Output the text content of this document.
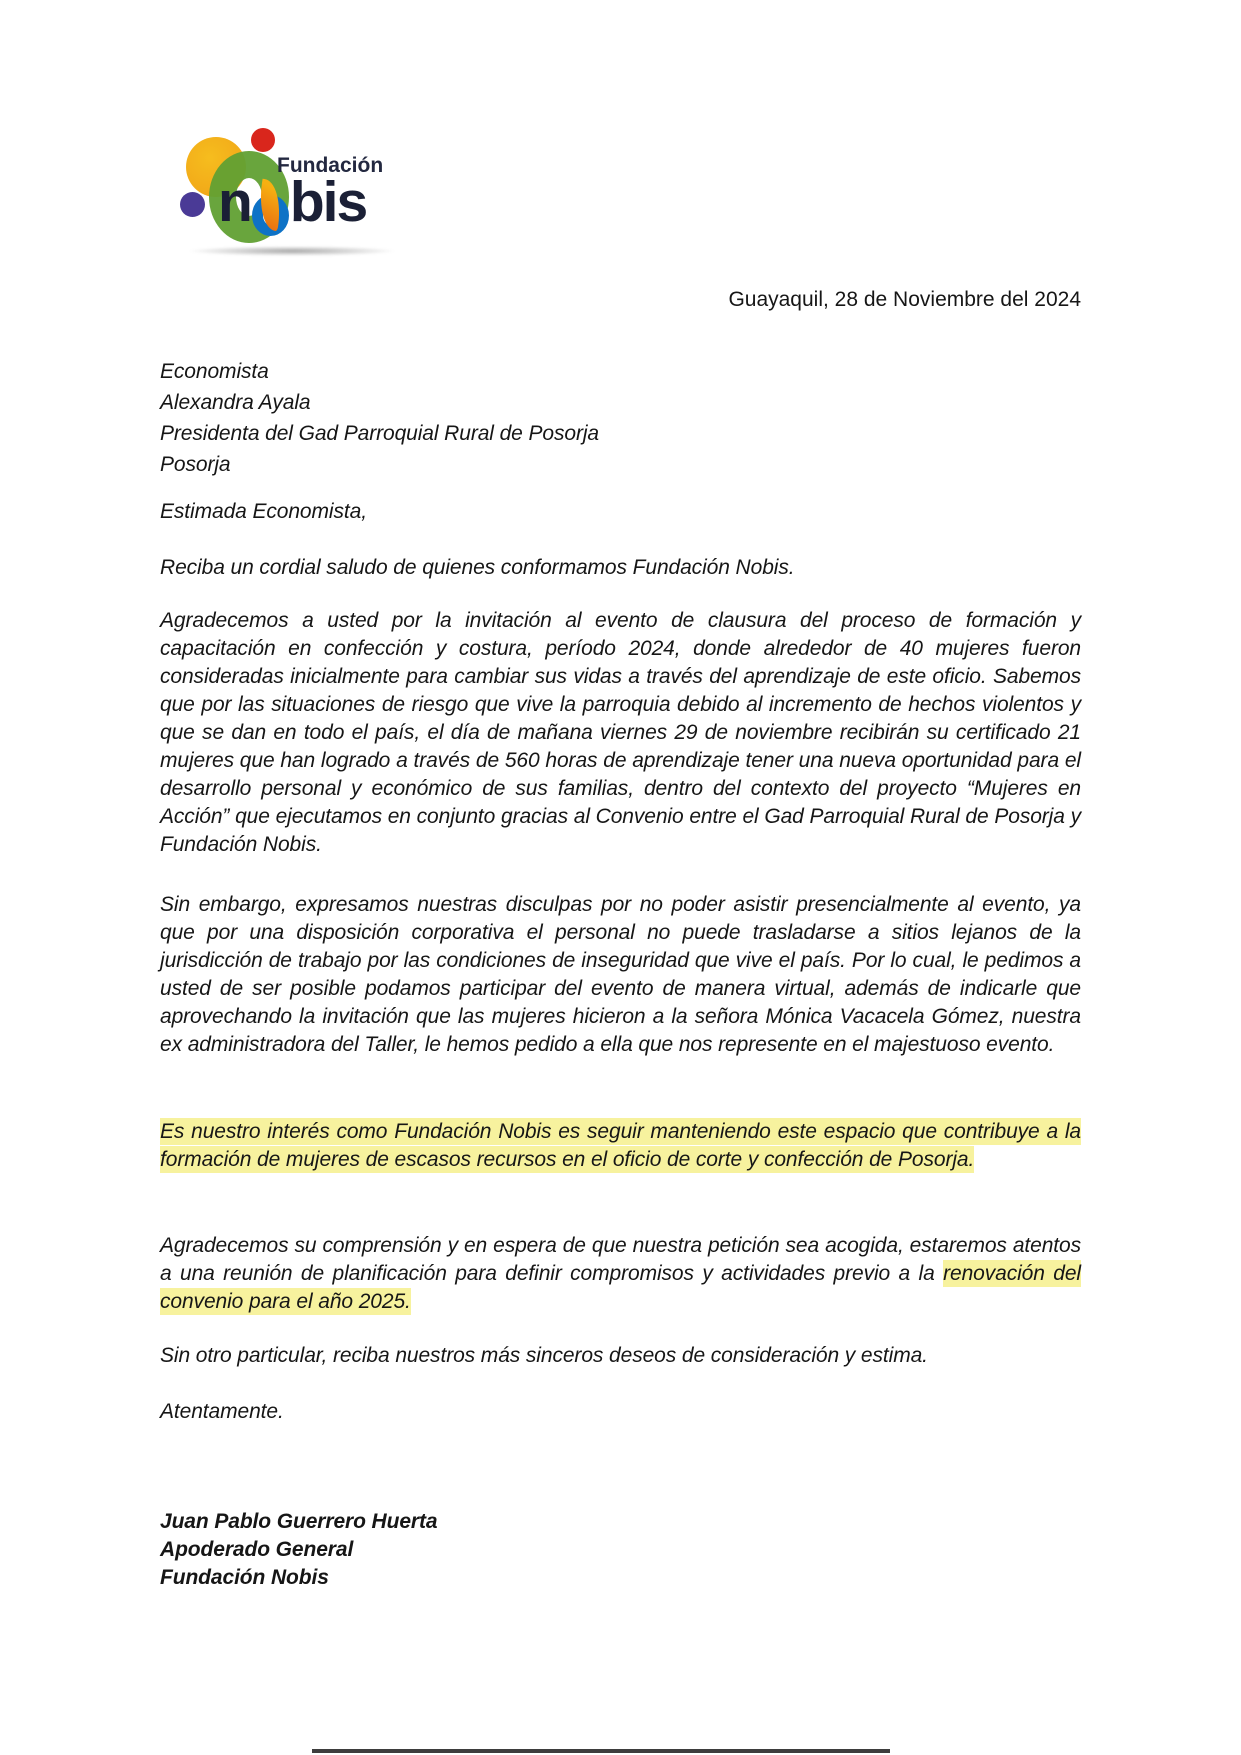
Fundación
n bis
Guayaquil, 28 de Noviembre del 2024
Economista
Alexandra Ayala
Presidenta del Gad Parroquial Rural de Posorja
Posorja
Estimada Economista,
Reciba un cordial saludo de quienes conformamos Fundación Nobis.
Agradecemos a usted por la invitación al evento de clausura del proceso de formación y capacitación en confección y costura, período 2024, donde alrededor de 40 mujeres fueron consideradas inicialmente para cambiar sus vidas a través del aprendizaje de este oficio. Sabemos que por las situaciones de riesgo que vive la parroquia debido al incremento de hechos violentos y que se dan en todo el país, el día de mañana viernes 29 de noviembre recibirán su certificado 21 mujeres que han logrado a través de 560 horas de aprendizaje tener una nueva oportunidad para el desarrollo personal y económico de sus familias, dentro del contexto del proyecto “Mujeres en Acción” que ejecutamos en conjunto gracias al Convenio entre el Gad Parroquial Rural de Posorja y Fundación Nobis.
Sin embargo, expresamos nuestras disculpas por no poder asistir presencialmente al evento, ya que por una disposición corporativa el personal no puede trasladarse a sitios lejanos de la jurisdicción de trabajo por las condiciones de inseguridad que vive el país. Por lo cual, le pedimos a usted de ser posible podamos participar del evento de manera virtual, además de indicarle que aprovechando la invitación que las mujeres hicieron a la señora Mónica Vacacela Gómez, nuestra ex administradora del Taller, le hemos pedido a ella que nos represente en el majestuoso evento.
Es nuestro interés como Fundación Nobis es seguir manteniendo este espacio que contribuye a la formación de mujeres de escasos recursos en el oficio de corte y confección de Posorja.
Agradecemos su comprensión y en espera de que nuestra petición sea acogida, estaremos atentos a una reunión de planificación para definir compromisos y actividades previo a la renovación del convenio para el año 2025.
Sin otro particular, reciba nuestros más sinceros deseos de consideración y estima.
Atentamente.
Juan Pablo Guerrero Huerta
Apoderado General
Fundación Nobis
